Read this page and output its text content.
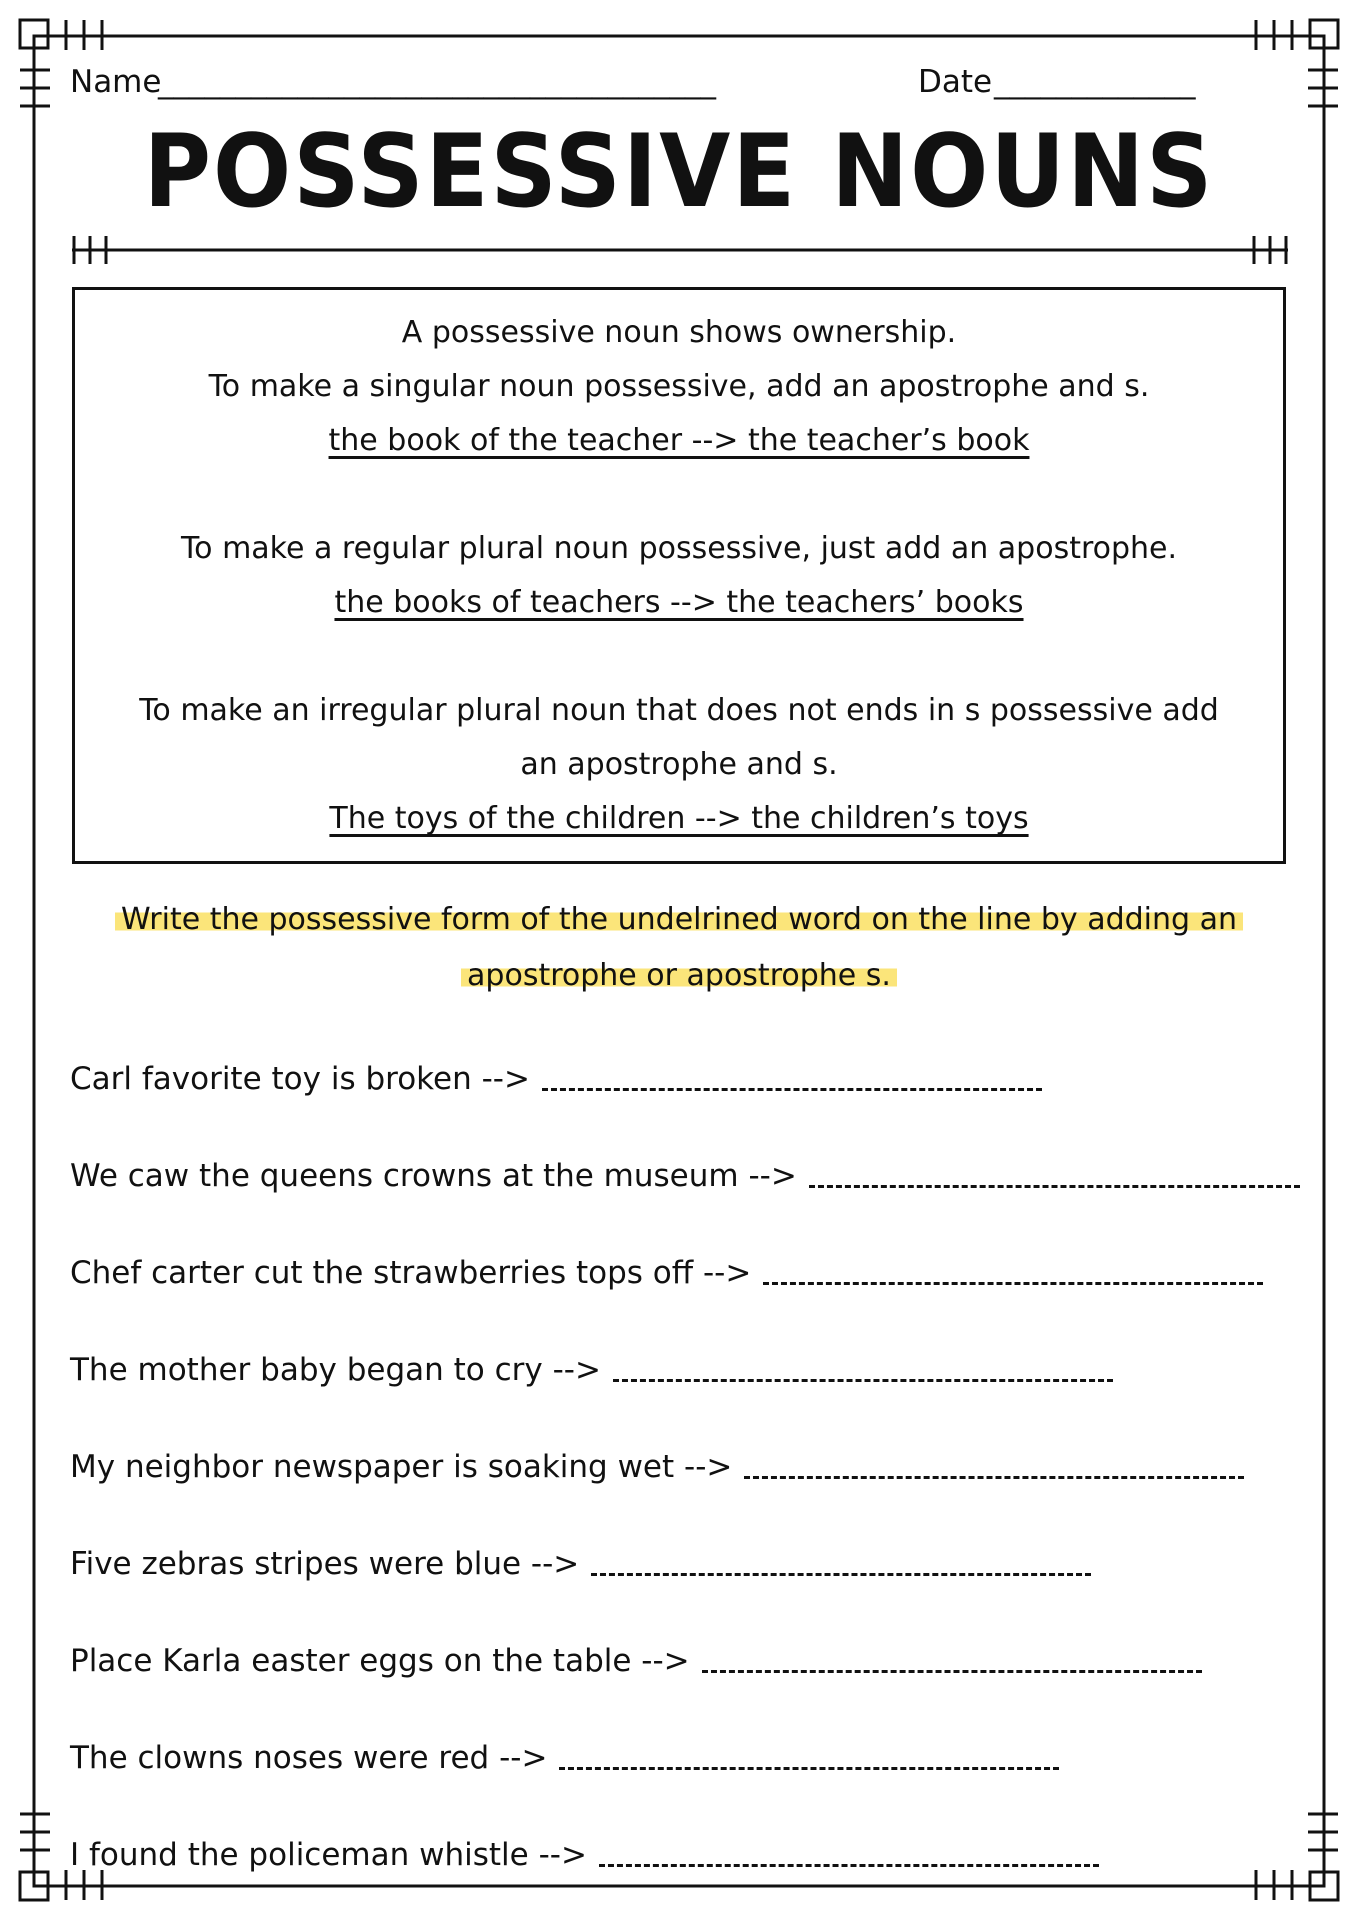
Name
____________________________________	Date _____________
POSSESSIVE NOUNS
A possessive noun shows ownership.
To make a singular noun possessive, add an apostrophe and s.
the book of the teacher --> the teacher’s book
To make a regular plural noun possessive, just add an apostrophe.
the books of teachers --> the teachers’ books
To make an irregular plural noun that does not ends in s possessive add
an apostrophe and s.
The toys of the children --> the children’s toys
Write the possessive form of the undelrined word on the line by adding an apostrophe or apostrophe s.
Carl favorite toy is broken -->
We caw the queens crowns at the museum -->
Chef carter cut the strawberries tops off -->
The mother baby began to cry -->
My neighbor newspaper is soaking wet -->
Five zebras stripes were blue -->
Place Karla easter eggs on the table -->
The clowns noses were red -->
I found the policeman whistle -->
